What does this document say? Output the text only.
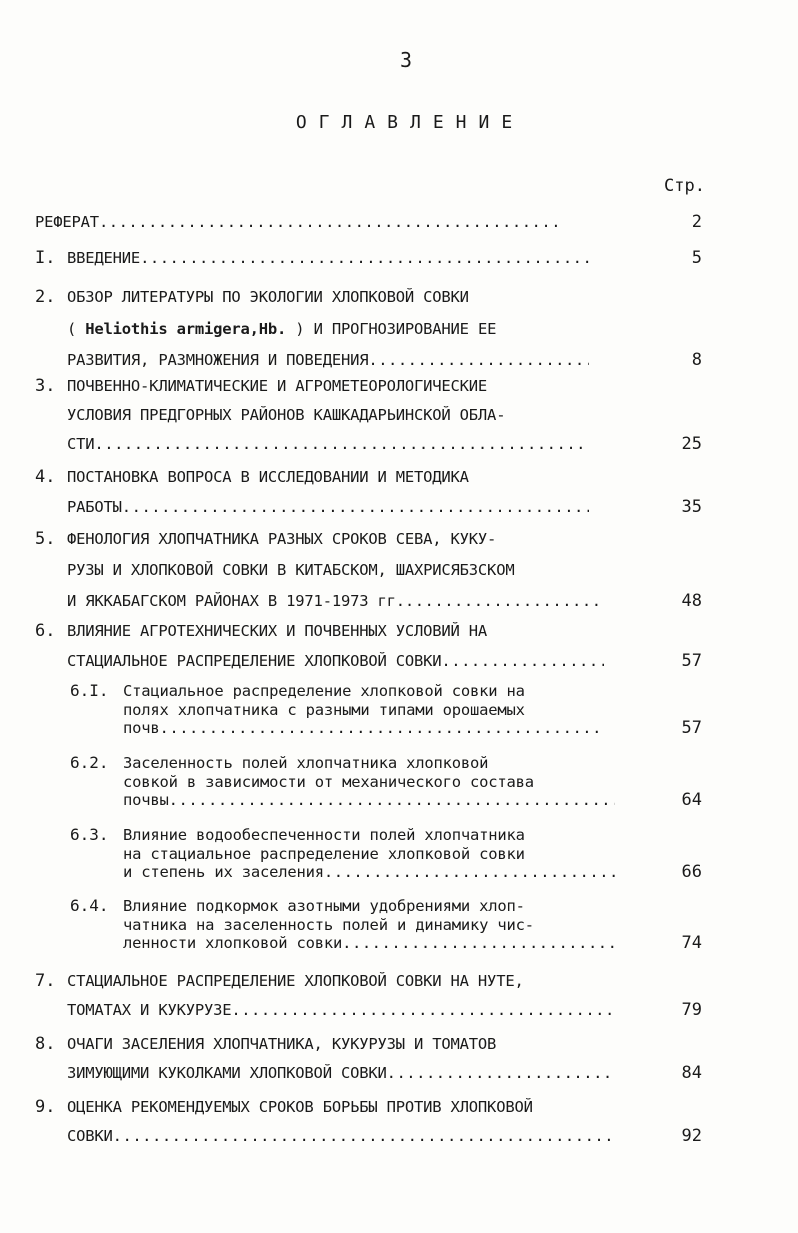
3
ОГЛАВЛЕНИЕ
Стр.
РЕФЕРАТ .....	2
I. ВВЕДЕНИЕ .....	5
2. ОБЗОР ЛИТЕРАТУРЫ ПО ЭКОЛОГИИ ХЛОПКОВОЙ СОВКИ
( Heliothis armigera,Hb. ) И ПРОГНОЗИРОВАНИЕ ЕЕ
РАЗВИТИЯ, РАЗМНОЖЕНИЯ И ПОВЕДЕНИЯ .....	8
3. ПОЧВЕННО-КЛИМАТИЧЕСКИЕ И АГРОМЕТЕОРОЛОГИЧЕСКИЕ
УСЛОВИЯ ПРЕДГОРНЫХ РАЙОНОВ КАШКАДАРЬИНСКОЙ ОБЛА-
СТИ .....	25
4. ПОСТАНОВКА ВОПРОСА В ИССЛЕДОВАНИИ И МЕТОДИКА
РАБОТЫ .....	35
5. ФЕНОЛОГИЯ ХЛОПЧАТНИКА РАЗНЫХ СРОКОВ СЕВА, КУКУ-
РУЗЫ И ХЛОПКОВОЙ СОВКИ В КИТАБСКОМ, ШАХРИСЯБЗСКОМ
И ЯККАБАГСКОМ РАЙОНАХ В 1971-1973 гг. .....	48
6. ВЛИЯНИЕ АГРОТЕХНИЧЕСКИХ И ПОЧВЕННЫХ УСЛОВИЙ НА
СТАЦИАЛЬНОЕ РАСПРЕДЕЛЕНИЕ ХЛОПКОВОЙ СОВКИ .....	57
6.I. Стациальное распределение хлопковой совки на
полях хлопчатника с разными типами орошаемых
почв .....	57
6.2. Заселенность полей хлопчатника хлопковой
совкой в зависимости от механического состава
почвы .....	64
6.3. Влияние водообеспеченности полей хлопчатника
на стациальное распределение хлопковой совки
и степень их заселения .....	66
6.4. Влияние подкормок азотными удобрениями хлоп-
чатника на заселенность полей и динамику чис-
ленности хлопковой совки .....	74
7. СТАЦИАЛЬНОЕ РАСПРЕДЕЛЕНИЕ ХЛОПКОВОЙ СОВКИ НА НУТЕ,
ТОМАТАХ И КУКУРУЗЕ .....	79
8. ОЧАГИ ЗАСЕЛЕНИЯ ХЛОПЧАТНИКА, КУКУРУЗЫ И ТОМАТОВ
ЗИМУЮЩИМИ КУКОЛКАМИ ХЛОПКОВОЙ СОВКИ .....	84
9. ОЦЕНКА РЕКОМЕНДУЕМЫХ СРОКОВ БОРЬБЫ ПРОТИВ ХЛОПКОВОЙ
СОВКИ .....	92
